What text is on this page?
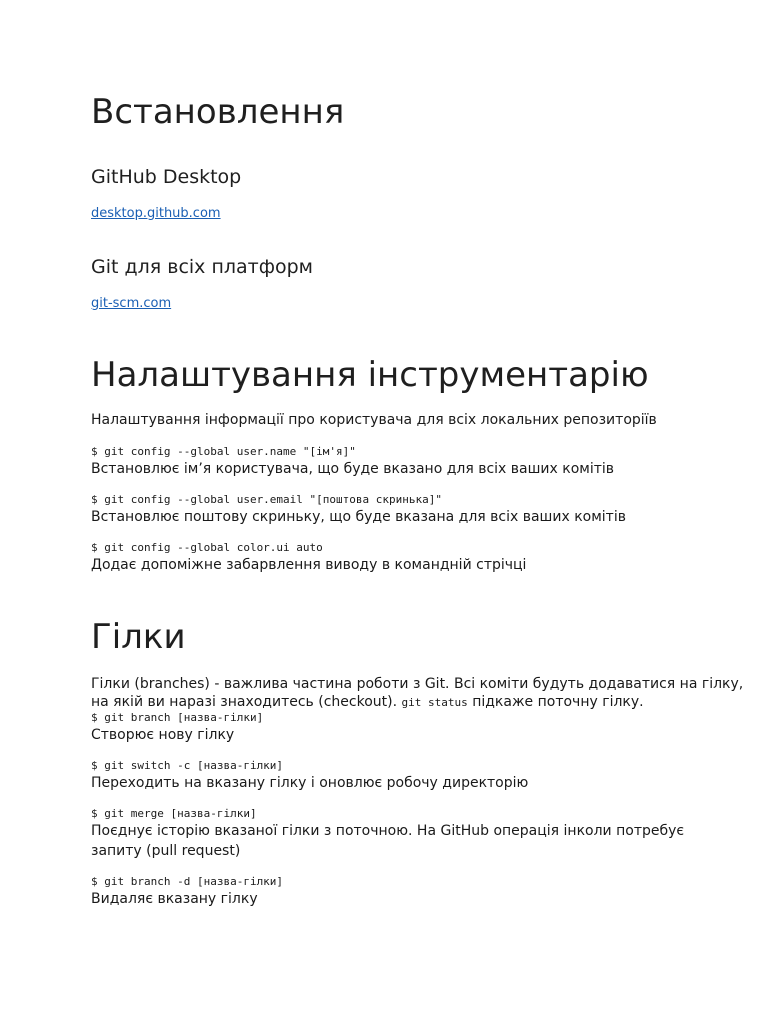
Встановлення
GitHub Desktop
desktop.github.com
Git для всіх платформ
git-scm.com
Налаштування інструментарію
Налаштування інформації про користувача для всіх локальних репозиторіїв
$ git config --global user.name "[ім'я]"
Встановлює ім’я користувача, що буде вказано для всіх ваших комітів
$ git config --global user.email "[поштова скринька]"
Встановлює поштову скриньку, що буде вказана для всіх ваших комітів
$ git config --global color.ui auto
Додає допоміжне забарвлення виводу в командній стрічці
Гілки
Гілки (branches) - важлива частина роботи з Git. Всі коміти будуть додаватися на гілку,
на якій ви наразі знаходитесь (checkout). git status підкаже поточну гілку.
$ git branch [назва-гілки]
Створює нову гілку
$ git switch -c [назва-гілки]
Переходить на вказану гілку і оновлює робочу директорію
$ git merge [назва-гілки]
Поєднує історію вказаної гілки з поточною. На GitHub операція інколи потребує
запиту (pull request)
$ git branch -d [назва-гілки]
Видаляє вказану гілку
